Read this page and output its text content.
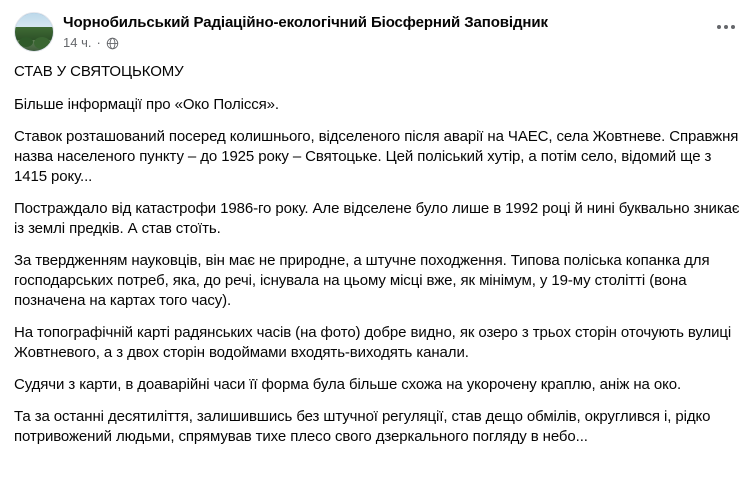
Чорнобильський Радіаційно-екологічний Біосферний Заповідник
14 ч. ·

СТАВ У СВЯТОЦЬКОМУ

Більше інформації про «Око Полісся».

Ставок розташований посеред колишнього, відселеного після аварії на ЧАЕС, села Жовтневе. Справжня назва населеного пункту – до 1925 року – Святоцьке. Цей поліський хутір, а потім село, відомий ще з 1415 року...

Постраждало від катастрофи 1986-го року. Але відселене було лише в 1992 році й нині буквально зникає із землі предків. А став стоїть.

За твердженням науковців, він має не природне, а штучне походження. Типова поліська копанка для господарських потреб, яка, до речі, існувала на цьому місці вже, як мінімум, у 19-му столітті (вона позначена на картах того часу).

На топографічній карті радянських часів (на фото) добре видно, як озеро з трьох сторін оточують вулиці Жовтневого, а з двох сторін водоймами входять-виходять канали.

Судячи з карти, в доаварійні часи її форма була більше схожа на укорочену краплю, аніж на око.

Та за останні десятиліття, залишившись без штучної регуляції, став дещо обмілів, округлився і, рідко потривожений людьми, спрямував тихе плесо свого дзеркального погляду в небо...
